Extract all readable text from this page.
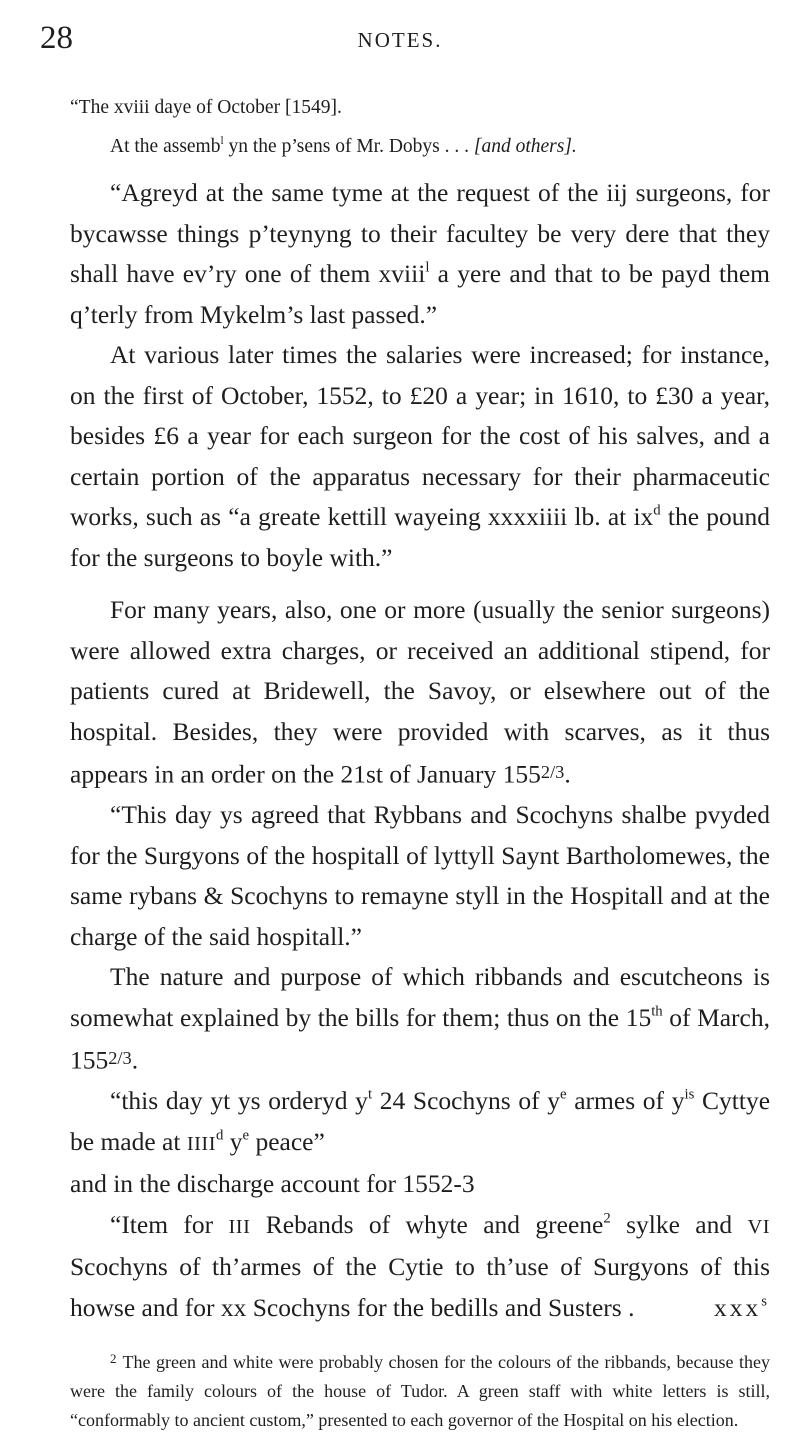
28	NOTES.

“The xviii daye of October [1549].

At the assemb$^l$ yn the p’sens of Mr. Dobys . . . [and others].

“Agreyd at the same tyme at the request of the iij surgeons, for bycawsse things p’teynyng to their facultey be very dere that they shall have ev’ry one of them xviii$^l$ a yere and that to be payd them q’terly from Mykelm’s last passed.”

At various later times the salaries were increased; for instance, on the first of October, 1552, to £20 a year; in 1610, to £30 a year, besides £6 a year for each surgeon for the cost of his salves, and a certain portion of the apparatus necessary for their pharmaceutic works, such as “a greate kettill wayeing xxxxiiii lb. at $ix^d$ the pound for the surgeons to boyle with.”

For many years, also, one or more (usually the senior surgeons) were allowed extra charges, or received an additional stipend, for patients cured at Bridewell, the Savoy, or elsewhere out of the hospital. Besides, they were provided with scarves, as it thus appears in an order on the 21st of January 1552/3.

“This day ys agreed that Rybbans and Scochyns shalbe pvyded for the Surgyons of the hospitall of lyttyll Saynt Bartholomewes, the same rybans & Scochyns to remayne styll in the Hospitall and at the charge of the said hospitall.”

The nature and purpose of which ribbands and escutcheons is somewhat explained by the bills for them; thus on the 15th of March, 1552/3.

“this day yt ys orderyd $y^t$ 24 Scochyns of $y^e$ armes of $y^{is}$ Cyttye be made at IIII$^d$ $y^e$ peace”

and in the discharge account for 1552-3

“Item for III Rebands of whyte and greene$^2$ sylke and VI Scochyns of th’armes of the Cytie to th’use of Surgyons of this howse and for xx Scochyns for the bedills and Susters .	xxx$^s$

$^2$ The green and white were probably chosen for the colours of the ribbands, because they were the family colours of the house of Tudor. A green staff with white letters is still, “conformably to ancient custom,” presented to each governor of the Hospital on his election.
